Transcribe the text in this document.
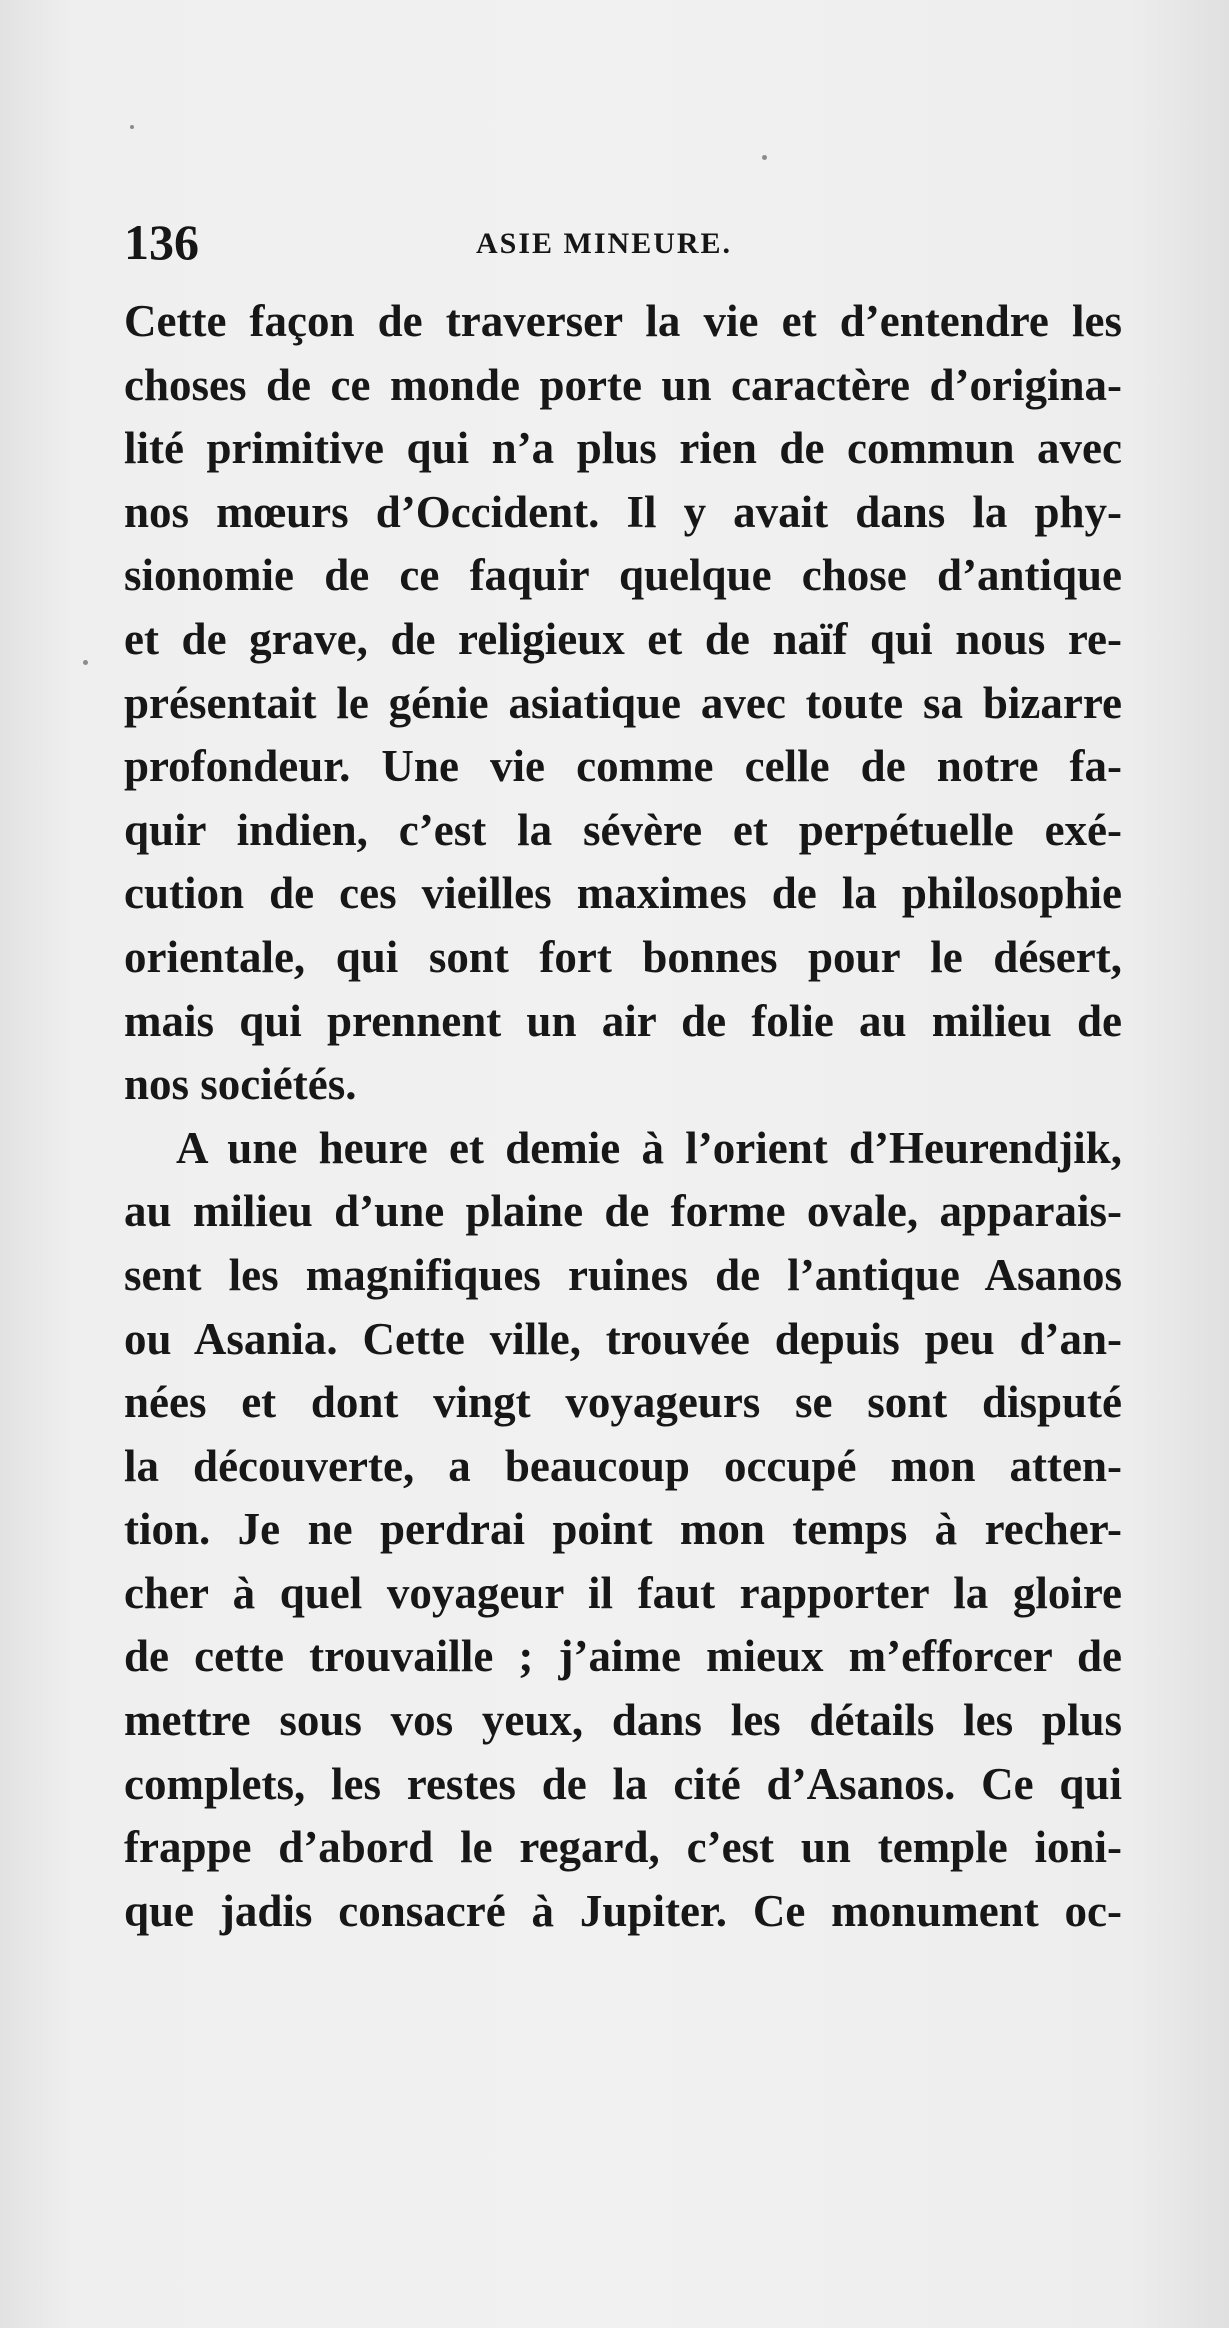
136	ASIE MINEURE.
Cette façon de traverser la vie et d’entendre les
choses de ce monde porte un caractère d’origina-
lité primitive qui n’a plus rien de commun avec
nos mœurs d’Occident. Il y avait dans la phy-
sionomie de ce faquir quelque chose d’antique
et de grave, de religieux et de naïf qui nous re-
présentait le génie asiatique avec toute sa bizarre
profondeur. Une vie comme celle de notre fa-
quir indien, c’est la sévère et perpétuelle exé-
cution de ces vieilles maximes de la philosophie
orientale, qui sont fort bonnes pour le désert,
mais qui prennent un air de folie au milieu de
nos sociétés.
A une heure et demie à l’orient d’Heurendjik,
au milieu d’une plaine de forme ovale, apparais-
sent les magnifiques ruines de l’antique Asanos
ou Asania. Cette ville, trouvée depuis peu d’an-
nées et dont vingt voyageurs se sont disputé
la découverte, a beaucoup occupé mon atten-
tion. Je ne perdrai point mon temps à recher-
cher à quel voyageur il faut rapporter la gloire
de cette trouvaille ; j’aime mieux m’efforcer de
mettre sous vos yeux, dans les détails les plus
complets, les restes de la cité d’Asanos. Ce qui
frappe d’abord le regard, c’est un temple ioni-
que jadis consacré à Jupiter. Ce monument oc-
